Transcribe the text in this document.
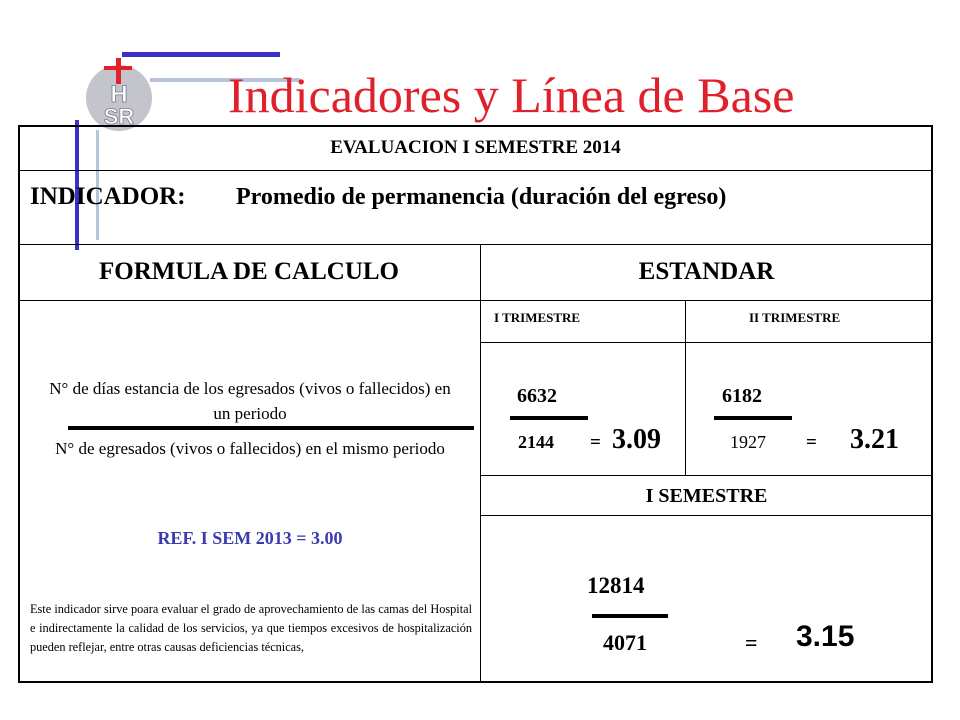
H
SR Indicadores y Línea de Base
EVALUACION I SEMESTRE 2014
INDICADOR: Promedio de permanencia (duración del egreso)
FORMULA DE CALCULO	ESTANDAR
N° de días estancia de los egresados (vivos o fallecidos) en un periodo
N° de egresados (vivos o fallecidos) en el mismo periodo
REF. I SEM 2013 = 3.00
Este indicador sirve poara evaluar el grado de aprovechamiento de las camas del Hospital e indirectamente la calidad de los servicios, ya que tiempos excesivos de hospitalización pueden reflejar, entre otras causas deficiencias técnicas,
I TRIMESTRE
6632
2144 = 3.09
II TRIMESTRE
6182
1927 = 3.21
I SEMESTRE
12814
4071	= 3.15
